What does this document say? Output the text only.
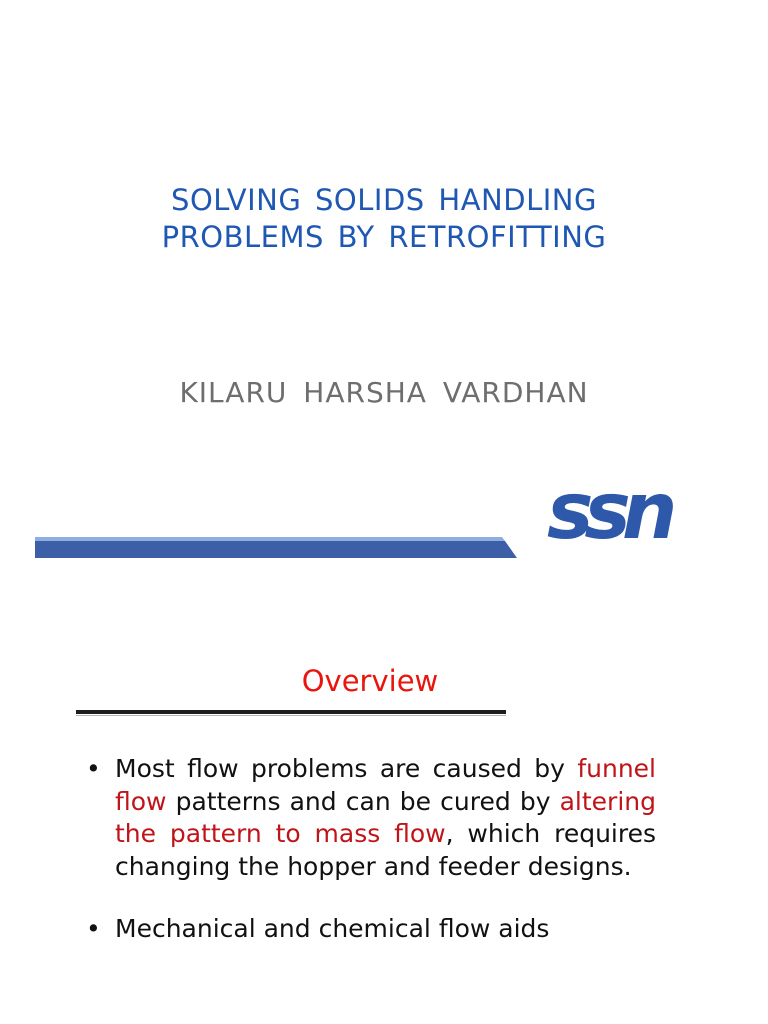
SOLVING SOLIDS HANDLING
PROBLEMS BY RETROFITTING
KILARU HARSHA VARDHAN
ssn
Overview
• Most flow problems are caused by funnel flow patterns and can be cured by altering the pattern to mass flow, which requires changing the hopper and feeder designs.
• Mechanical and chemical flow aids
